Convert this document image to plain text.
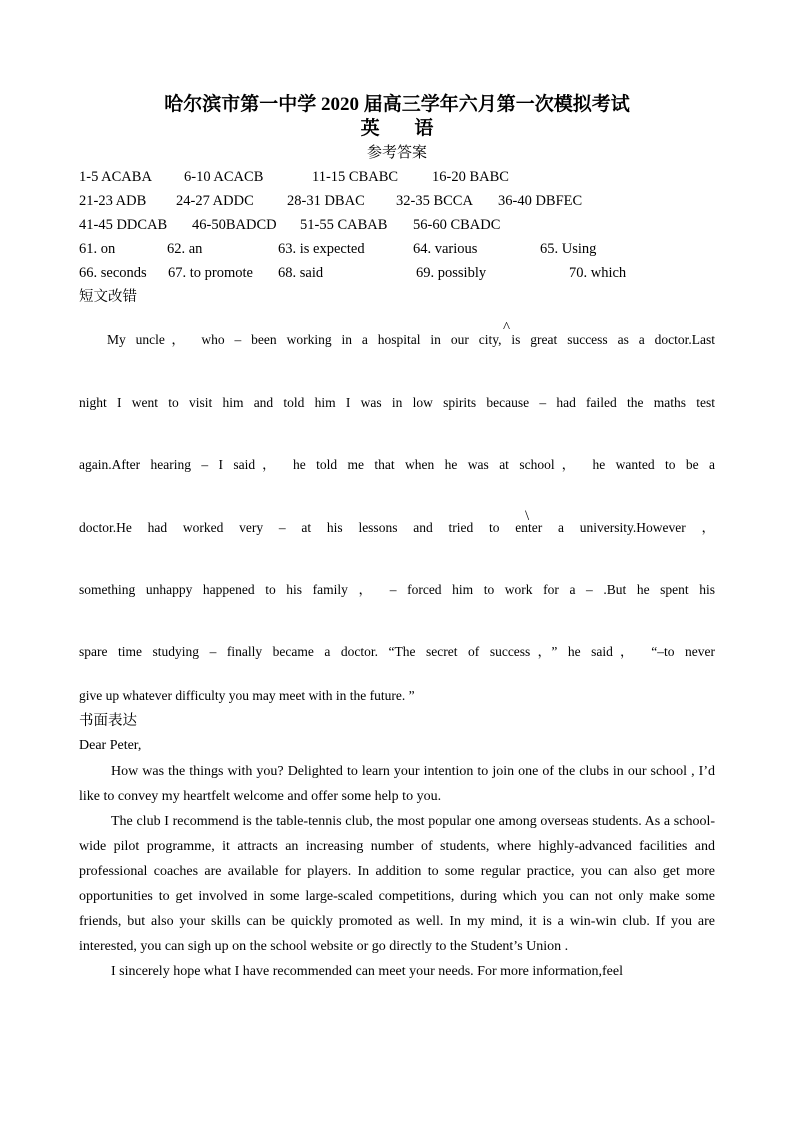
哈尔滨市第一中学 2020 届高三学年六月第一次模拟考试
英 语
参考答案
1-5 ACABA 6-10 ACACB	11-15 CBABC 16-20 BABC
21-23 ADB 24-27 ADDC 28-31 DBAC 32-35 BCCA 36-40 DBFEC
41-45 DDCAB 46-50BADCD 51-55 CABAB 56-60 CBADC
61. on	62. an	63. is expected	64. various	65. Using
66. seconds 67. to promote 68. said	69. possibly	70. which
短文改错
My uncle， who – been working in a hospital in our city, is great success as a doctor.Last
^
night I went to visit him and told him I was in low spirits because – had failed the maths test
again.After hearing – I said， he told me that when he was at school， he wanted to be a
doctor.He had worked very – at his lessons and tried to enter a university.However ，
\
something unhappy happened to his family ， – forced him to work for a – .But he spent his
spare time studying – finally became a doctor. “The secret of success，” he said， “–to never
give up whatever difficulty you may meet with in the future. ”
书面表达
Dear Peter,

How was the things with you? Delighted to learn your intention to join one of the clubs in our school , I’d like to convey my heartfelt welcome and offer some help to you.

The club I recommend is the table-tennis club, the most popular one among overseas students. As a school-wide pilot programme, it attracts an increasing number of students, where highly-advanced facilities and professional coaches are available for players. In addition to some regular practice, you can also get more opportunities to get involved in some large-scaled competitions, during which you can not only make some friends, but also your skills can be quickly promoted as well. In my mind, it is a win-win club. If you are interested, you can sigh up on the school website or go directly to the Student’s Union .

I sincerely hope what I have recommended can meet your needs. For more information,feel
